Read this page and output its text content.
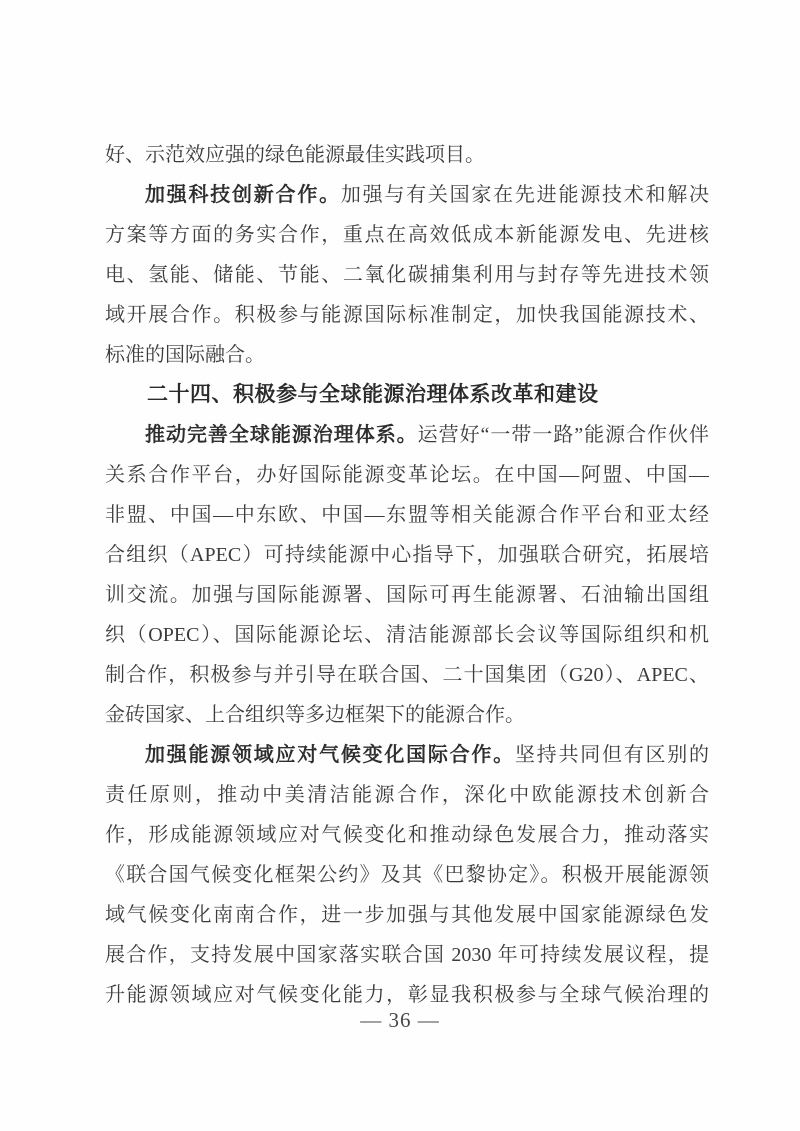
好、示范效应强的绿色能源最佳实践项目。
加强科技创新合作。加强与有关国家在先进能源技术和解决
方案等方面的务实合作，重点在高效低成本新能源发电、先进核
电、氢能、储能、节能、二氧化碳捕集利用与封存等先进技术领
域开展合作。积极参与能源国际标准制定，加快我国能源技术、
标准的国际融合。
二十四、积极参与全球能源治理体系改革和建设
推动完善全球能源治理体系。运营好“一带一路”能源合作伙伴
关系合作平台，办好国际能源变革论坛。在中国—阿盟、中国—
非盟、中国—中东欧、中国—东盟等相关能源合作平台和亚太经
合组织（APEC）可持续能源中心指导下，加强联合研究，拓展培
训交流。加强与国际能源署、国际可再生能源署、石油输出国组
织（OPEC）、国际能源论坛、清洁能源部长会议等国际组织和机
制合作，积极参与并引导在联合国、二十国集团（G20）、APEC、
金砖国家、上合组织等多边框架下的能源合作。
加强能源领域应对气候变化国际合作。坚持共同但有区别的
责任原则，推动中美清洁能源合作，深化中欧能源技术创新合
作，形成能源领域应对气候变化和推动绿色发展合力，推动落实
《联合国气候变化框架公约》及其《巴黎协定》。积极开展能源领
域气候变化南南合作，进一步加强与其他发展中国家能源绿色发
展合作，支持发展中国家落实联合国 2030 年可持续发展议程，提
升能源领域应对气候变化能力，彰显我积极参与全球气候治理的
— 36 —
